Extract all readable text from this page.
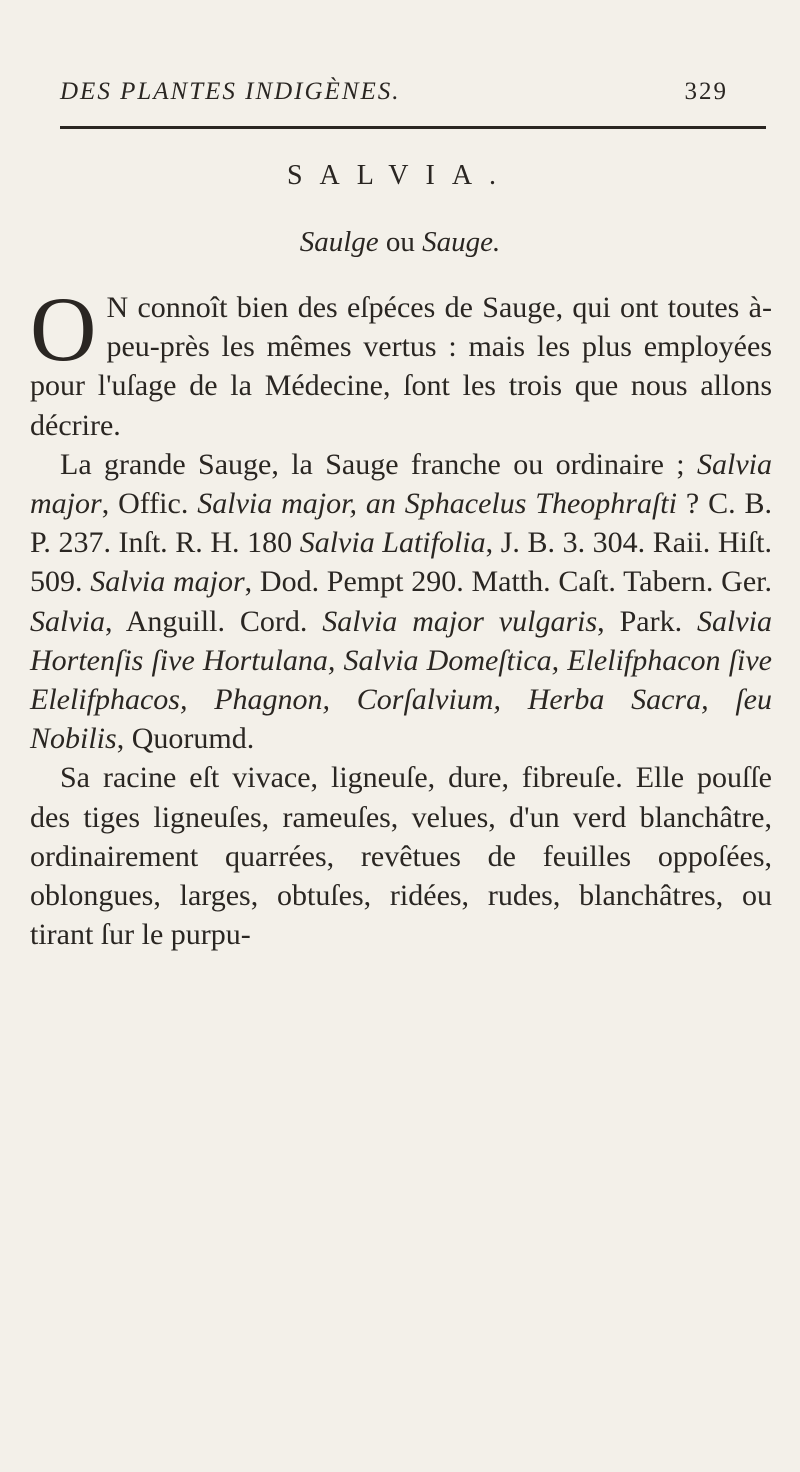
DES PLANTES INDIGÈNES.	329
SALVIA.
Saulge ou Sauge.

O N connoît bien des eſpéces de Sauge, qui ont toutes à-peu-près les mêmes vertus : mais les plus employées pour l'uſage de la Médecine, ſont les trois que nous allons décrire.

La grande Sauge, la Sauge franche ou ordinaire ; Salvia major, Offic. Salvia major, an Sphacelus Theophraſti ? C. B. P. 237. Inſt. R. H. 180 Salvia Latifolia, J. B. 3. 304. Raii. Hiſt. 509. Salvia major, Dod. Pempt 290. Matth. Caſt. Tabern. Ger. Salvia, Anguill. Cord. Salvia major vulgaris, Park. Salvia Hortenſis ſive Hortulana, Salvia Domeſtica, Elelifphacon ſive Elelifphacos, Phagnon, Corſalvium, Herba Sacra, ſeu Nobilis, Quorumd.

Sa racine eſt vivace, ligneuſe, dure, fibreuſe. Elle pouſſe des tiges ligneuſes, rameuſes, velues, d'un verd blanchâtre, ordinairement quarrées, revêtues de feuilles oppoſées, oblongues, larges, obtuſes, ridées, rudes, blanchâtres, ou tirant ſur le purpu-
